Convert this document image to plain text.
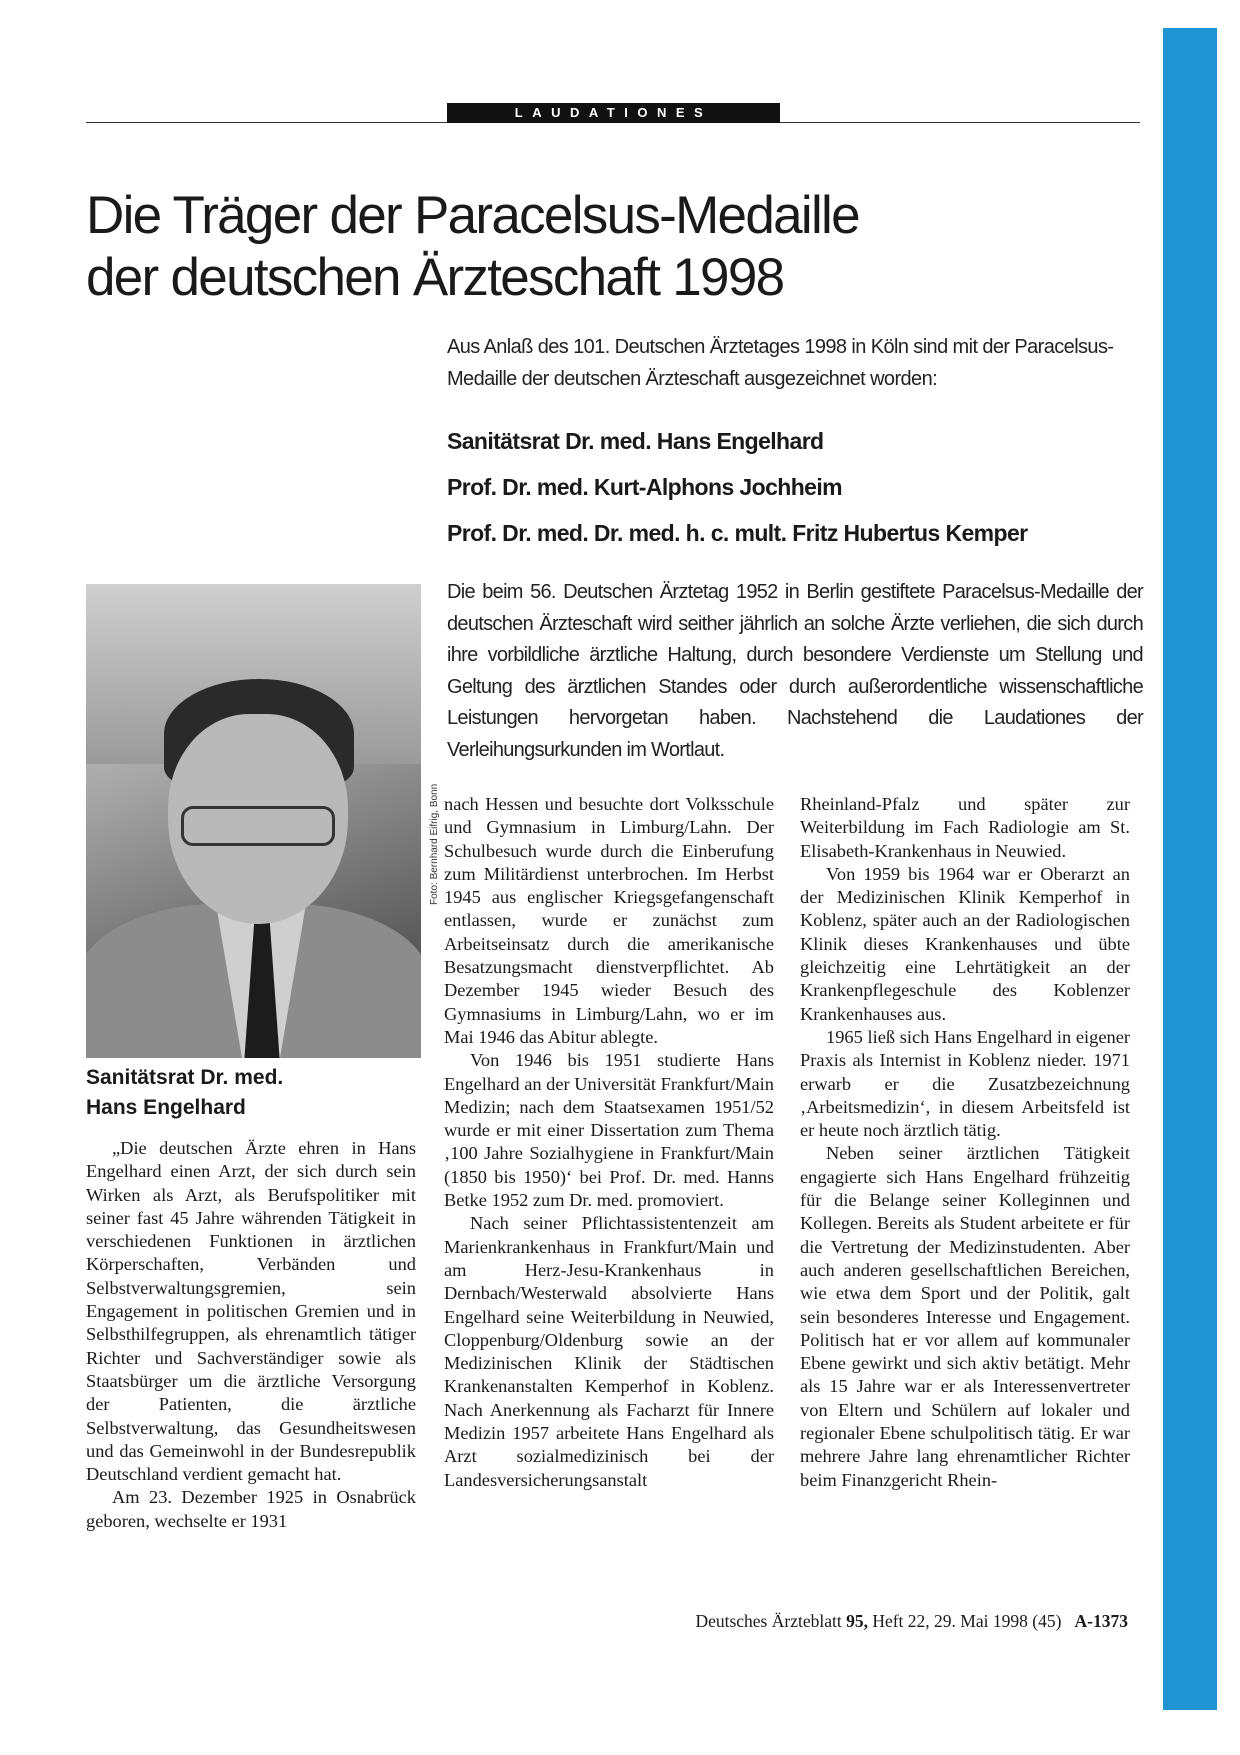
LAUDATIONES
Die Träger der Paracelsus-Medaille
der deutschen Ärzteschaft 1998

Aus Anlaß des 101. Deutschen Ärztetages 1998 in Köln sind mit der Paracelsus-Medaille der deutschen Ärzteschaft ausgezeichnet worden:

Sanitätsrat Dr. med. Hans Engelhard
Prof. Dr. med. Kurt-Alphons Jochheim
Prof. Dr. med. Dr. med. h. c. mult. Fritz Hubertus Kemper

Die beim 56. Deutschen Ärztetag 1952 in Berlin gestiftete Paracelsus-Medaille der deutschen Ärzteschaft wird seither jährlich an solche Ärzte verliehen, die sich durch ihre vorbildliche ärztliche Haltung, durch besondere Verdienste um Stellung und Geltung des ärztlichen Standes oder durch außerordentliche wissenschaftliche Leistungen hervorgetan haben. Nachstehend die Laudationes der Verleihungsurkunden im Wortlaut.

Foto: Bernhard Eifrig, Bonn
Sanitätsrat Dr. med.
Hans Engelhard

„Die deutschen Ärzte ehren in Hans Engelhard einen Arzt, der sich durch sein Wirken als Arzt, als Berufspolitiker mit seiner fast 45 Jahre währenden Tätigkeit in verschiedenen Funktionen in ärztlichen Körperschaften, Verbänden und Selbstverwaltungsgremien, sein Engagement in politischen Gremien und in Selbsthilfegruppen, als ehrenamtlich tätiger Richter und Sachverständiger sowie als Staatsbürger um die ärztliche Versorgung der Patienten, die ärztliche Selbstverwaltung, das Gesundheitswesen und das Gemeinwohl in der Bundesrepublik Deutschland verdient gemacht hat.

Am 23. Dezember 1925 in Osnabrück geboren, wechselte er 1931

nach Hessen und besuchte dort Volksschule und Gymnasium in Limburg/Lahn. Der Schulbesuch wurde durch die Einberufung zum Militärdienst unterbrochen. Im Herbst 1945 aus englischer Kriegsgefangenschaft entlassen, wurde er zunächst zum Arbeitseinsatz durch die amerikanische Besatzungsmacht dienstverpflichtet. Ab Dezember 1945 wieder Besuch des Gymnasiums in Limburg/Lahn, wo er im Mai 1946 das Abitur ablegte.

Von 1946 bis 1951 studierte Hans Engelhard an der Universität Frankfurt/Main Medizin; nach dem Staatsexamen 1951/52 wurde er mit einer Dissertation zum Thema ‚100 Jahre Sozialhygiene in Frankfurt/Main (1850 bis 1950)‘ bei Prof. Dr. med. Hanns Betke 1952 zum Dr. med. promoviert.

Nach seiner Pflichtassistentenzeit am Marienkrankenhaus in Frankfurt/Main und am Herz-Jesu-Krankenhaus in Dernbach/Westerwald absolvierte Hans Engelhard seine Weiterbildung in Neuwied, Cloppenburg/Oldenburg sowie an der Medizinischen Klinik der Städtischen Krankenanstalten Kemperhof in Koblenz. Nach Anerkennung als Facharzt für Innere Medizin 1957 arbeitete Hans Engelhard als Arzt sozialmedizinisch bei der Landesversicherungsanstalt

Rheinland-Pfalz und später zur Weiterbildung im Fach Radiologie am St. Elisabeth-Krankenhaus in Neuwied.

Von 1959 bis 1964 war er Oberarzt an der Medizinischen Klinik Kemperhof in Koblenz, später auch an der Radiologischen Klinik dieses Krankenhauses und übte gleichzeitig eine Lehrtätigkeit an der Krankenpflegeschule des Koblenzer Krankenhauses aus.

1965 ließ sich Hans Engelhard in eigener Praxis als Internist in Koblenz nieder. 1971 erwarb er die Zusatzbezeichnung ‚Arbeitsmedizin‘, in diesem Arbeitsfeld ist er heute noch ärztlich tätig.

Neben seiner ärztlichen Tätigkeit engagierte sich Hans Engelhard frühzeitig für die Belange seiner Kolleginnen und Kollegen. Bereits als Student arbeitete er für die Vertretung der Medizinstudenten. Aber auch anderen gesellschaftlichen Bereichen, wie etwa dem Sport und der Politik, galt sein besonderes Interesse und Engagement. Politisch hat er vor allem auf kommunaler Ebene gewirkt und sich aktiv betätigt. Mehr als 15 Jahre war er als Interessenvertreter von Eltern und Schülern auf lokaler und regionaler Ebene schulpolitisch tätig. Er war mehrere Jahre lang ehrenamtlicher Richter beim Finanzgericht Rhein-

Deutsches Ärzteblatt 95, Heft 22, 29. Mai 1998 (45) A-1373
